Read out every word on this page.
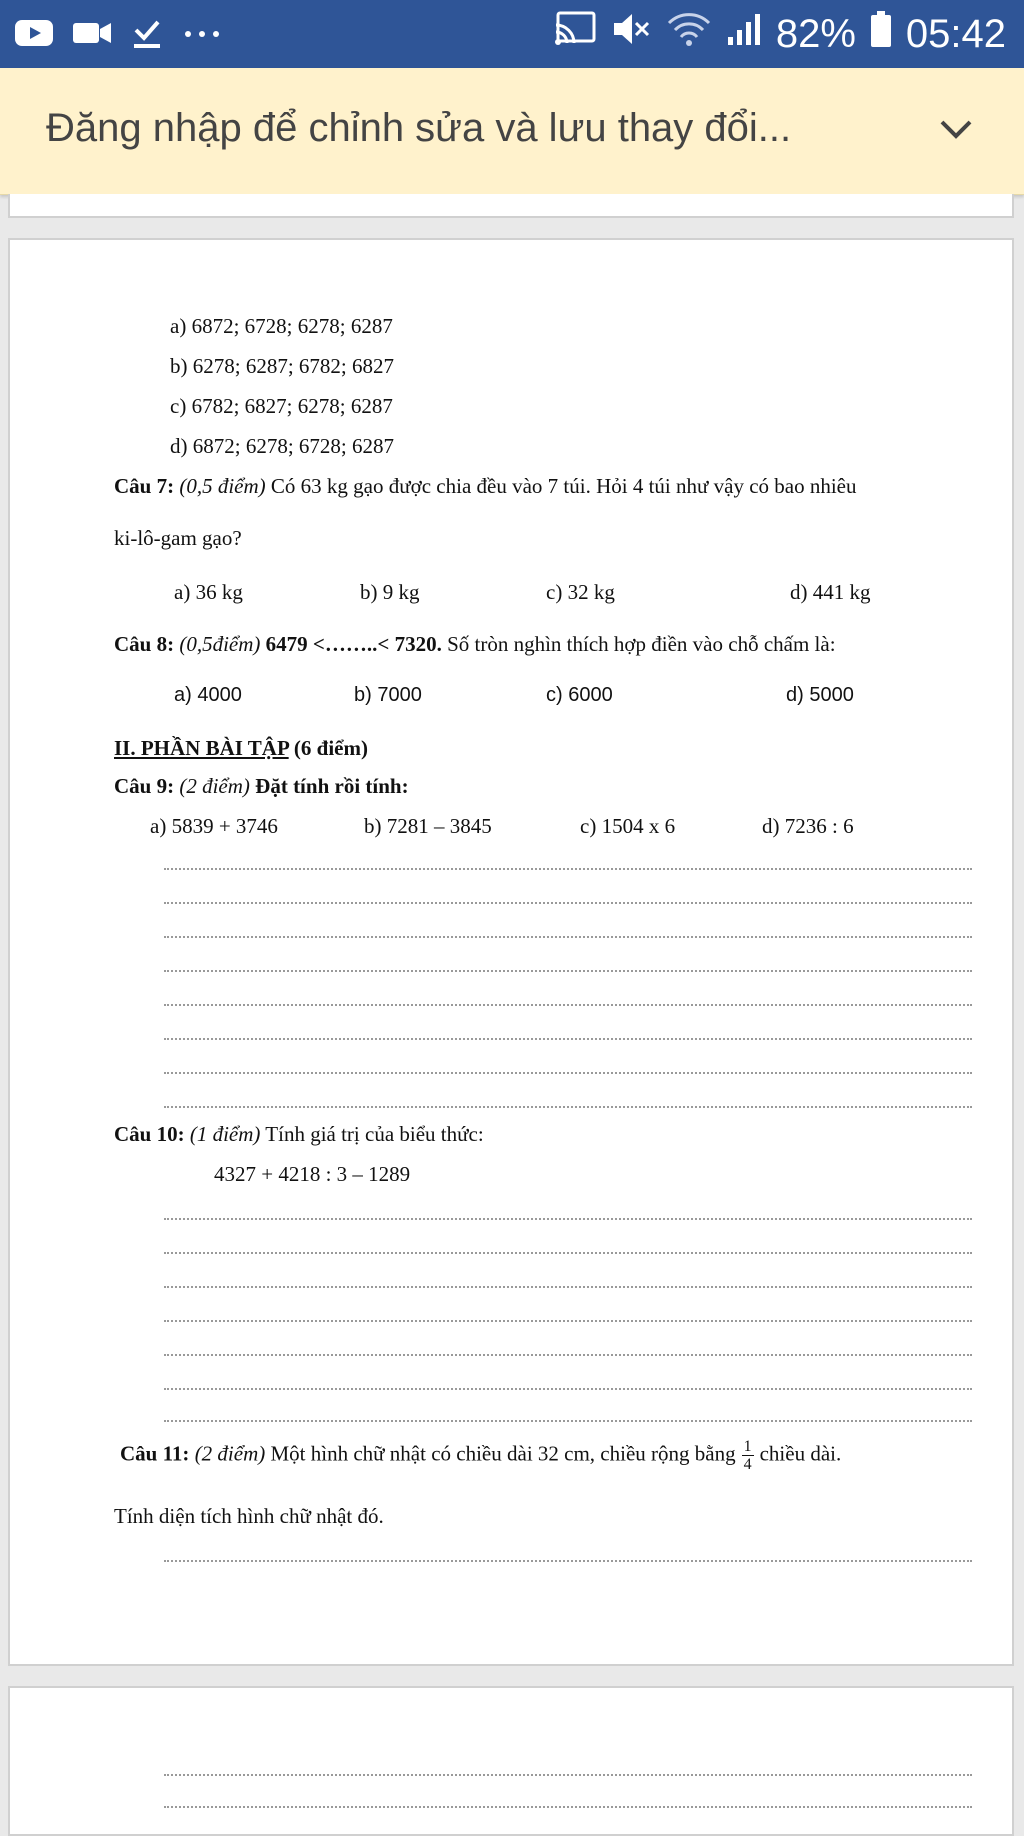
82% 05:42
Đăng nhập để chỉnh sửa và lưu thay đổi...
a) 6872; 6728; 6278; 6287
b) 6278; 6287; 6782; 6827
c) 6782; 6827; 6278; 6287
d) 6872; 6278; 6728; 6287
Câu 7: (0,5 điểm) Có 63 kg gạo được chia đều vào 7 túi. Hỏi 4 túi như vậy có bao nhiêu
ki-lô-gam gạo?
a) 36 kg	b) 9 kg	c) 32 kg	d) 441 kg
Câu 8: (0,5điểm) 6479 <……..< 7320. Số tròn nghìn thích hợp điền vào chỗ chấm là:
a) 4000	b) 7000	c) 6000	d) 5000
II. PHẦN BÀI TẬP (6 điểm)
Câu 9: (2 điểm) Đặt tính rồi tính:
a) 5839 + 3746	b) 7281 – 3845	c) 1504 x 6	d) 7236 : 6
Câu 10: (1 điểm) Tính giá trị của biểu thức:
4327 + 4218 : 3 – 1289
Câu 11: (2 điểm) Một hình chữ nhật có chiều dài 32 cm, chiều rộng bằng $\frac{1}{4}$ chiều dài.
Tính diện tích hình chữ nhật đó.
